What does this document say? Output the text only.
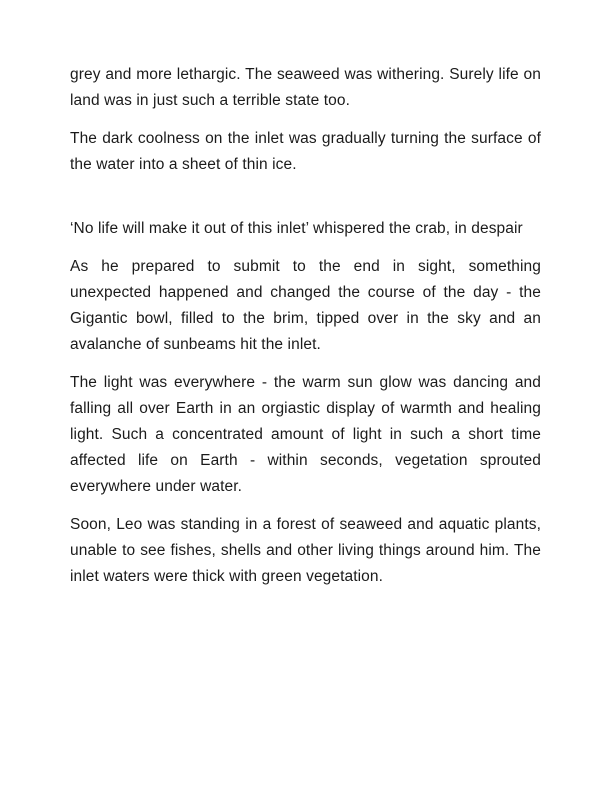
grey and more lethargic. The seaweed was withering. Surely life on land was in just such a terrible state too.

The dark coolness on the inlet was gradually turning the surface of the water into a sheet of thin ice.

‘No life will make it out of this inlet’ whispered the crab, in despair

As he prepared to submit to the end in sight, something unexpected happened and changed the course of the day - the Gigantic bowl, filled to the brim, tipped over in the sky and an avalanche of sunbeams hit the inlet.

The light was everywhere - the warm sun glow was dancing and falling all over Earth in an orgiastic display of warmth and healing light. Such a concentrated amount of light in such a short time affected life on Earth - within seconds, vegetation sprouted everywhere under water.

Soon, Leo was standing in a forest of seaweed and aquatic plants, unable to see fishes, shells and other living things around him. The inlet waters were thick with green vegetation.
